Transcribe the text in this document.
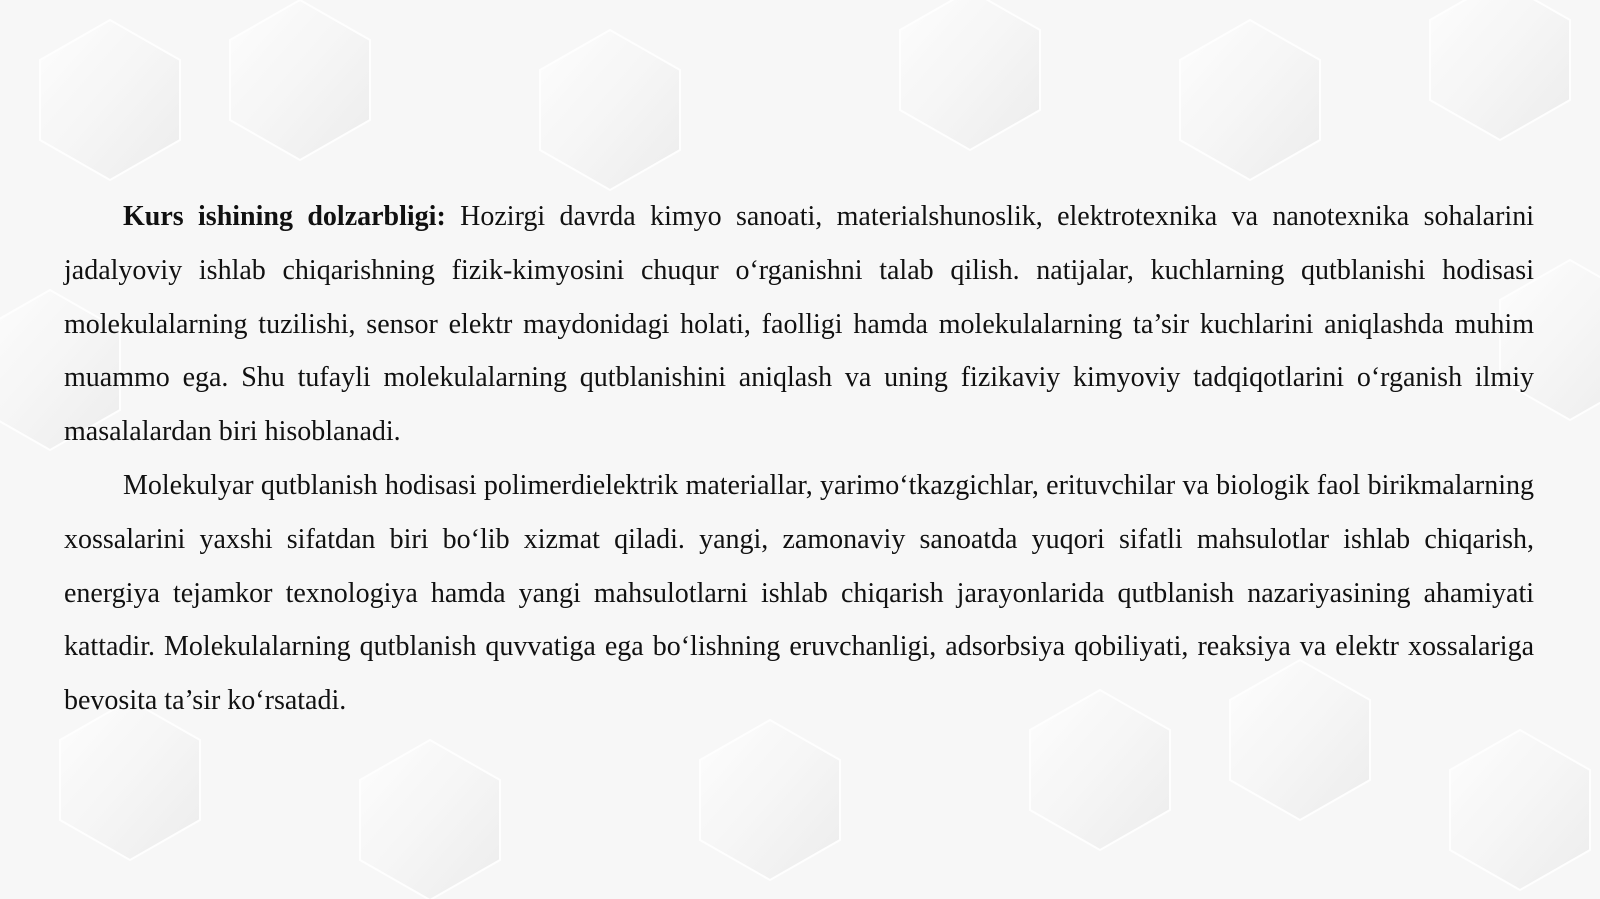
Kurs ishining dolzarbligi: Hozirgi davrda kimyo sanoati, materialshunoslik, elektrotexnika va nanotexnika sohalarini jadalyoviy ishlab chiqarishning fizik-kimyosini chuqur o‘rganishni talab qilish. natijalar, kuchlarning qutblanishi hodisasi molekulalarning tuzilishi, sensor elektr maydonidagi holati, faolligi hamda molekulalarning ta’sir kuchlarini aniqlashda muhim muammo ega. Shu tufayli molekulalarning qutblanishini aniqlash va uning fizikaviy kimyoviy tadqiqotlarini o‘rganish ilmiy masalalardan biri hisoblanadi.

Molekulyar qutblanish hodisasi polimerdielektrik materiallar, yarimo‘tkazgichlar, erituvchilar va biologik faol birikmalarning xossalarini yaxshi sifatdan biri bo‘lib xizmat qiladi. yangi, zamonaviy sanoatda yuqori sifatli mahsulotlar ishlab chiqarish, energiya tejamkor texnologiya hamda yangi mahsulotlarni ishlab chiqarish jarayonlarida qutblanish nazariyasining ahamiyati kattadir. Molekulalarning qutblanish quvvatiga ega bo‘lishning eruvchanligi, adsorbsiya qobiliyati, reaksiya va elektr xossalariga bevosita ta’sir ko‘rsatadi.
